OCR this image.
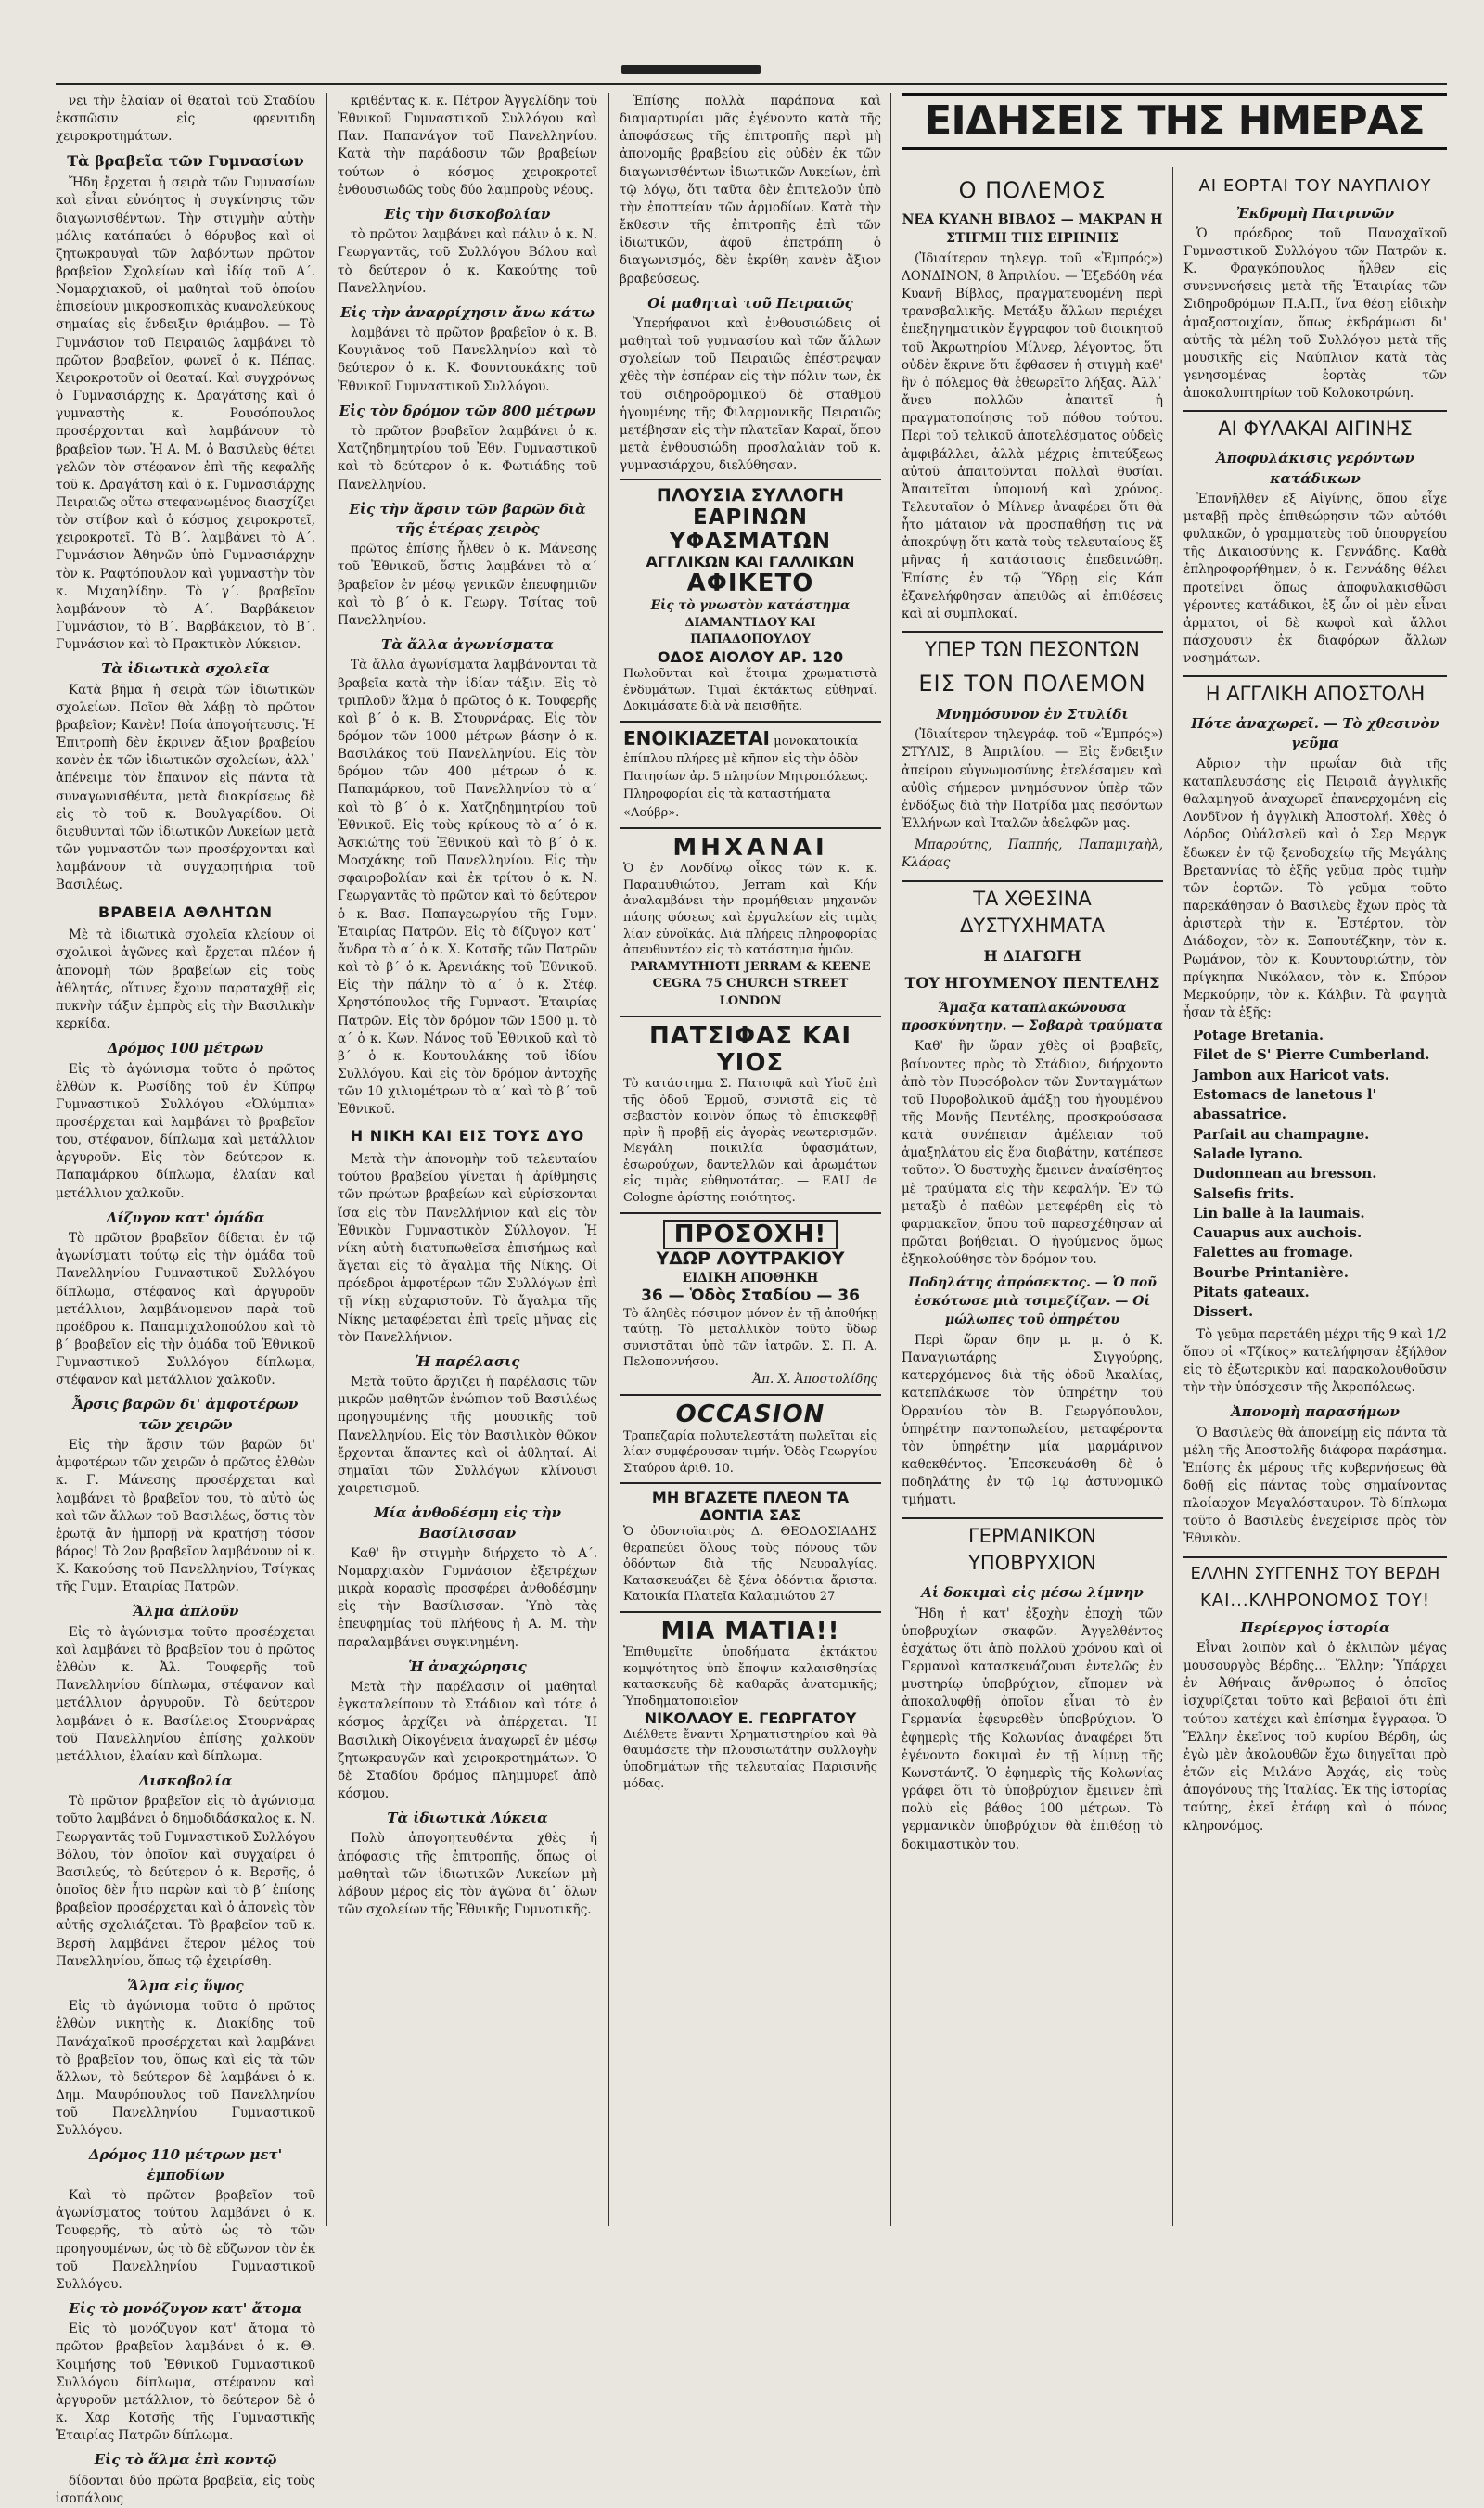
νει τὴν ἐλαίαν οἱ θεαταὶ τοῦ Σταδίου ἐκσπῶσιν εἰς φρενιτιδη χειροκροτημάτων.

Τὰ βραβεῖα τῶν Γυμνασίων

Ἤδη ἔρχεται ἡ σειρὰ τῶν Γυμνασίων καὶ εἶναι εὐνόητος ἡ συγκίνησις τῶν διαγωνισθέντων. Τὴν στιγμὴν αὐτὴν μόλις κατάπαύει ὁ θόρυβος καὶ οἱ ζητωκραυγαὶ τῶν λαβόντων πρῶτον βραβεῖον Σχολείων καὶ ἰδίᾳ τοῦ Α΄. Νομαρχιακοῦ, οἱ μαθηταὶ τοῦ ὁποίου ἐπισείουν μικροσκοπικὰς κυανολεύκους σημαίας εἰς ἔνδειξιν θριάμβου. — Τὸ Γυμνάσιον τοῦ Πειραιῶς λαμβάνει τὸ πρῶτον βραβεῖον, φωνεῖ ὁ κ. Πέπας. Χειροκροτοῦν οἱ θεαταί. Καὶ συγχρόνως ὁ Γυμνασιάρχης κ. Δραγάτσης καὶ ὁ γυμναστὴς κ. Ρουσόπουλος προσέρχονται καὶ λαμβάνουν τὸ βραβεῖον των. Ἡ Α. Μ. ὁ Βασιλεὺς θέτει γελῶν τὸν στέφανον ἐπὶ τῆς κεφαλῆς τοῦ κ. Δραγάτση καὶ ὁ κ. Γυμνασιάρχης Πειραιῶς οὕτω στεφανωμένος διασχίζει τὸν στίβον καὶ ὁ κόσμος χειροκροτεῖ, χειροκροτεῖ. Τὸ Β΄. λαμβάνει τὸ Α΄. Γυμνάσιον Ἀθηνῶν ὑπὸ Γυμνασιάρχην τὸν κ. Ραφτόπουλον καὶ γυμναστὴν τὸν κ. Μιχαηλίδην. Τὸ γ΄. βραβεῖον λαμβάνουν τὸ Α΄. Βαρβάκειον Γυμνάσιον, τὸ Β΄. Βαρβάκειον, τὸ Β΄. Γυμνάσιον καὶ τὸ Πρακτικὸν Λύκειον.

Τὰ ἰδιωτικὰ σχολεῖα

Κατὰ βῆμα ἡ σειρὰ τῶν ἰδιωτικῶν σχολείων. Ποῖον θὰ λάβῃ τὸ πρῶτον βραβεῖον; Κανὲν! Ποία ἀπογοήτευσις. Ἡ Ἐπιτροπὴ δὲν ἔκρινεν ἄξιον βραβείου κανὲν ἐκ τῶν ἰδιωτικῶν σχολείων, ἀλλ᾽ ἀπένειμε τὸν ἔπαινον εἰς πάντα τὰ συναγωνισθέντα, μετὰ διακρίσεως δὲ εἰς τὸ τοῦ κ. Βουλγαρίδου. Οἱ διευθυνταὶ τῶν ἰδιωτικῶν Λυκείων μετὰ τῶν γυμναστῶν των προσέρχονται καὶ λαμβάνουν τὰ συγχαρητήρια τοῦ Βασιλέως.

ΒΡΑΒΕΙΑ ΑΘΛΗΤΩΝ

Μὲ τὰ ἰδιωτικὰ σχολεῖα κλείουν οἱ σχολικοὶ ἀγῶνες καὶ ἔρχεται πλέον ἡ ἀπονομὴ τῶν βραβείων εἰς τοὺς ἀθλητάς, οἵτινες ἔχουν παραταχθῇ εἰς πυκνὴν τάξιν ἐμπρὸς εἰς τὴν Βασιλικὴν κερκίδα.

Δρόμος 100 μέτρων

Εἰς τὸ ἀγώνισμα τοῦτο ὁ πρῶτος ἐλθὼν κ. Ρωσίδης τοῦ ἐν Κύπρῳ Γυμναστικοῦ Συλλόγου «Ὀλύμπια» προσέρχεται καὶ λαμβάνει τὸ βραβεῖον του, στέφανον, δίπλωμα καὶ μετάλλιον ἀργυροῦν. Εἰς τὸν δεύτερον κ. Παπαμάρκου δίπλωμα, ἐλαίαν καὶ μετάλλιον χαλκοῦν.

Δίζυγον κατ' ὁμάδα

Τὸ πρῶτον βραβεῖον δίδεται ἐν τῷ ἀγωνίσματι τούτῳ εἰς τὴν ὁμάδα τοῦ Πανελληνίου Γυμναστικοῦ Συλλόγου δίπλωμα, στέφανος καὶ ἀργυροῦν μετάλλιον, λαμβάνομενον παρὰ τοῦ προέδρου κ. Παπαμιχαλοπούλου καὶ τὸ β΄ βραβεῖον εἰς τὴν ὁμάδα τοῦ Ἐθνικοῦ Γυμναστικοῦ Συλλόγου δίπλωμα, στέφανον καὶ μετάλλιον χαλκοῦν.

Ἆρσις βαρῶν δι' ἀμφοτέρων τῶν χειρῶν

Εἰς τὴν ἄρσιν τῶν βαρῶν δι' ἀμφοτέρων τῶν χειρῶν ὁ πρῶτος ἐλθὼν κ. Γ. Μάνεσης προσέρχεται καὶ λαμβάνει τὸ βραβεῖον του, τὸ αὐτὸ ὡς καὶ τῶν ἄλλων τοῦ Βασιλέως, ὅστις τὸν ἐρωτᾷ ἂν ἠμπορῇ νὰ κρατήσῃ τόσον βάρος! Τὸ 2ον βραβεῖον λαμβάνουν οἱ κ. Κ. Κακούσης τοῦ Πανελληνίου, Τσίγκας τῆς Γυμν. Ἑταιρίας Πατρῶν.

Ἅλμα ἁπλοῦν

Εἰς τὸ ἀγώνισμα τοῦτο προσέρχεται καὶ λαμβάνει τὸ βραβεῖον του ὁ πρῶτος ἐλθὼν κ. Ἀλ. Τουφερῆς τοῦ Πανελληνίου δίπλωμα, στέφανον καὶ μετάλλιον ἀργυροῦν. Τὸ δεύτερον λαμβάνει ὁ κ. Βασίλειος Στουρνάρας τοῦ Πανελληνίου ἐπίσης χαλκοῦν μετάλλιον, ἐλαίαν καὶ δίπλωμα.

Δισκοβολία

Τὸ πρῶτον βραβεῖον εἰς τὸ ἀγώνισμα τοῦτο λαμβάνει ὁ δημοδιδάσκαλος κ. Ν. Γεωργαντᾶς τοῦ Γυμναστικοῦ Συλλόγου Βόλου, τὸν ὁποῖον καὶ συγχαίρει ὁ Βασιλεύς, τὸ δεύτερον ὁ κ. Βερσῆς, ὁ ὁποῖος δὲν ἦτο παρὼν καὶ τὸ β΄ ἐπίσης βραβεῖον προσέρχεται καὶ ὁ ἀπονεὶς τὸν αὐτῆς σχολιάζεται. Τὸ βραβεῖον τοῦ κ. Βερσῆ λαμβάνει ἕτερον μέλος τοῦ Πανελληνίου, ὅπως τῷ ἐχειρίσθη.

Ἅλμα εἰς ὕψος

Εἰς τὸ ἀγώνισμα τοῦτο ὁ πρῶτος ἐλθὼν νικητὴς κ. Διακίδης τοῦ Πανάχαϊκοῦ προσέρχεται καὶ λαμβάνει τὸ βραβεῖον του, ὅπως καὶ εἰς τὰ τῶν ἄλλων, τὸ δεύτερον δὲ λαμβάνει ὁ κ. Δημ. Μαυρόπουλος τοῦ Πανελληνίου τοῦ Πανελληνίου Γυμναστικοῦ Συλλόγου.

Δρόμος 110 μέτρων μετ' ἐμποδίων

Καὶ τὸ πρῶτον βραβεῖον τοῦ ἀγωνίσματος τούτου λαμβάνει ὁ κ. Τουφερῆς, τὸ αὐτὸ ὡς τὸ τῶν προηγουμένων, ὡς τὸ δὲ εὔζωνον τὸν ἐκ τοῦ Πανελληνίου Γυμναστικοῦ Συλλόγου.

Εἰς τὸ μονόζυγον κατ' ἄτομα

Εἰς τὸ μονόζυγον κατ' ἄτομα τὸ πρῶτον βραβεῖον λαμβάνει ὁ κ. Θ. Κοιμήσης τοῦ Ἐθνικοῦ Γυμναστικοῦ Συλλόγου δίπλωμα, στέφανον καὶ ἀργυροῦν μετάλλιον, τὸ δεύτερον δὲ ὁ κ. Χαρ Κοτσῆς τῆς Γυμναστικῆς Ἑταιρίας Πατρῶν δίπλωμα.

Εἰς τὸ ἅλμα ἐπὶ κοντῷ

δίδονται δύο πρῶτα βραβεῖα, εἰς τοὺς ἰσοπάλους

κριθέντας κ. κ. Πέτρον Ἀγγελίδην τοῦ Ἐθνικοῦ Γυμναστικοῦ Συλλόγου καὶ Παν. Παπανάγον τοῦ Πανελληνίου. Κατὰ τὴν παράδοσιν τῶν βραβείων τούτων ὁ κόσμος χειροκροτεῖ ἐνθουσιωδῶς τοὺς δύο λαμπροὺς νέους.

Εἰς τὴν δισκοβολίαν

τὸ πρῶτον λαμβάνει καὶ πάλιν ὁ κ. Ν. Γεωργαντᾶς, τοῦ Συλλόγου Βόλου καὶ τὸ δεύτερον ὁ κ. Κακούτης τοῦ Πανελληνίου.

Εἰς τὴν ἀναρρίχησιν ἄνω κάτω

λαμβάνει τὸ πρῶτον βραβεῖον ὁ κ. Β. Κουγιᾶνος τοῦ Πανελληνίου καὶ τὸ δεύτερον ὁ κ. Κ. Φουντουκάκης τοῦ Ἐθνικοῦ Γυμναστικοῦ Συλλόγου.

Εἰς τὸν δρόμον τῶν 800 μέτρων

τὸ πρῶτον βραβεῖον λαμβάνει ὁ κ. Χατζηδημητρίου τοῦ Ἐθν. Γυμναστικοῦ καὶ τὸ δεύτερον ὁ κ. Φωτιάδης τοῦ Πανελληνίου.

Εἰς τὴν ἄρσιν τῶν βαρῶν διὰ τῆς ἑτέρας χειρὸς

πρῶτος ἐπίσης ἦλθεν ὁ κ. Μάνεσης τοῦ Ἐθνικοῦ, ὅστις λαμβάνει τὸ α΄ βραβεῖον ἐν μέσῳ γενικῶν ἐπευφημιῶν καὶ τὸ β΄ ὁ κ. Γεωργ. Τσίτας τοῦ Πανελληνίου.

Τὰ ἄλλα ἀγωνίσματα

Τὰ ἄλλα ἀγωνίσματα λαμβάνονται τὰ βραβεῖα κατὰ τὴν ἰδίαν τάξιν. Εἰς τὸ τριπλοῦν ἅλμα ὁ πρῶτος ὁ κ. Τουφερῆς καὶ β΄ ὁ κ. Β. Στουρνάρας. Εἰς τὸν δρόμον τῶν 1000 μέτρων βάσην ὁ κ. Βασιλάκος τοῦ Πανελληνίου. Εἰς τὸν δρόμον τῶν 400 μέτρων ὁ κ. Παπαμάρκου, τοῦ Πανελληνίου τὸ α΄ καὶ τὸ β΄ ὁ κ. Χατζηδημητρίου τοῦ Ἐθνικοῦ. Εἰς τοὺς κρίκους τὸ α΄ ὁ κ. Ἀσκιώτης τοῦ Ἐθνικοῦ καὶ τὸ β΄ ὁ κ. Μοσχάκης τοῦ Πανελληνίου. Εἰς τὴν σφαιροβολίαν καὶ ἐκ τρίτου ὁ κ. Ν. Γεωργαντᾶς τὸ πρῶτον καὶ τὸ δεύτερον ὁ κ. Βασ. Παπαγεωργίου τῆς Γυμν. Ἑταιρίας Πατρῶν. Εἰς τὸ δίζυγον κατ᾽ ἄνδρα τὸ α΄ ὁ κ. Χ. Κοτσῆς τῶν Πατρῶν καὶ τὸ β΄ ὁ κ. Ἀρενιάκης τοῦ Ἐθνικοῦ. Εἰς τὴν πάλην τὸ α΄ ὁ κ. Στέφ. Χρηστόπουλος τῆς Γυμναστ. Ἑταιρίας Πατρῶν. Εἰς τὸν δρόμον τῶν 1500 μ. τὸ α΄ ὁ κ. Κων. Νάνος τοῦ Ἐθνικοῦ καὶ τὸ β΄ ὁ κ. Κουτουλάκης τοῦ ἰδίου Συλλόγου. Καὶ εἰς τὸν δρόμον ἀντοχῆς τῶν 10 χιλιομέτρων τὸ α΄ καὶ τὸ β΄ τοῦ Ἐθνικοῦ.

Η ΝΙΚΗ ΚΑΙ ΕΙΣ ΤΟΥΣ ΔΥΟ

Μετὰ τὴν ἀπονομὴν τοῦ τελευταίου τούτου βραβείου γίνεται ἡ ἀρίθμησις τῶν πρώτων βραβείων καὶ εὑρίσκονται ἴσα εἰς τὸν Πανελλήνιον καὶ εἰς τὸν Ἐθνικὸν Γυμναστικὸν Σύλλογον. Ἡ νίκη αὐτὴ διατυπωθεῖσα ἐπισήμως καὶ ἄγεται εἰς τὸ ἄγαλμα τῆς Νίκης. Οἱ πρόεδροι ἀμφοτέρων τῶν Συλλόγων ἐπὶ τῇ νίκῃ εὐχαριστοῦν. Τὸ ἄγαλμα τῆς Νίκης μεταφέρεται ἐπὶ τρεῖς μῆνας εἰς τὸν Πανελλήνιον.

Ἡ παρέλασις

Μετὰ τοῦτο ἄρχιζει ἡ παρέλασις τῶν μικρῶν μαθητῶν ἐνώπιον τοῦ Βασιλέως προηγουμένης τῆς μουσικῆς τοῦ Πανελληνίου. Εἰς τὸν Βασιλικὸν θῶκον ἔρχονται ἅπαντες καὶ οἱ ἀθληταί. Αἱ σημαῖαι τῶν Συλλόγων κλίνουσι χαιρετισμοῦ.

Μία ἀνθοδέσμη εἰς τὴν Βασίλισσαν

Καθ' ἣν στιγμὴν διήρχετο τὸ Α΄. Νομαρχιακὸν Γυμνάσιον ἐξετρέχων μικρὰ κορασὶς προσφέρει ἀνθοδέσμην εἰς τὴν Βασίλισσαν. Ὑπὸ τὰς ἐπευφημίας τοῦ πλήθους ἡ Α. Μ. τὴν παραλαμβάνει συγκινημένη.

Ἡ ἀναχώρησις

Μετὰ τὴν παρέλασιν οἱ μαθηταὶ ἐγκαταλείπουν τὸ Στάδιον καὶ τότε ὁ κόσμος ἀρχίζει νὰ ἀπέρχεται. Ἡ Βασιλικὴ Οἰκογένεια ἀναχωρεῖ ἐν μέσῳ ζητωκραυγῶν καὶ χειροκροτημάτων. Ὁ δὲ Σταδίου δρόμος πλημμυρεῖ ἀπὸ κόσμου.

Τὰ ἰδιωτικὰ Λύκεια

Πολὺ ἀπογοητευθέντα χθὲς ἡ ἀπόφασις τῆς ἐπιτροπῆς, ὅπως οἱ μαθηταὶ τῶν ἰδιωτικῶν Λυκείων μὴ λάβουν μέρος εἰς τὸν ἀγῶνα δι᾽ ὅλων τῶν σχολείων τῆς Ἐθνικῆς Γυμνοτικῆς.

Ἐπίσης πολλὰ παράπονα καὶ διαμαρτυρίαι μᾶς ἐγένοντο κατὰ τῆς ἀποφάσεως τῆς ἐπιτροπῆς περὶ μὴ ἀπονομῆς βραβείου εἰς οὐδὲν ἐκ τῶν διαγωνισθέντων ἰδιωτικῶν Λυκείων, ἐπὶ τῷ λόγῳ, ὅτι ταῦτα δὲν ἐπιτελοῦν ὑπὸ τὴν ἐποπτείαν τῶν ἁρμοδίων. Κατὰ τὴν ἔκθεσιν τῆς ἐπιτροπῆς ἐπὶ τῶν ἰδιωτικῶν, ἀφοῦ ἐπετράπη ὁ διαγωνισμός, δὲν ἐκρίθη κανὲν ἄξιον βραβεύσεως.

Οἱ μαθηταὶ τοῦ Πειραιῶς

Ὑπερήφανοι καὶ ἐνθουσιώδεις οἱ μαθηταὶ τοῦ γυμνασίου καὶ τῶν ἄλλων σχολείων τοῦ Πειραιῶς ἐπέστρεψαν χθὲς τὴν ἑσπέραν εἰς τὴν πόλιν των, ἐκ τοῦ σιδηροδρομικοῦ δὲ σταθμοῦ ἡγουμένης τῆς Φιλαρμονικῆς Πειραιῶς μετέβησαν εἰς τὴν πλατεῖαν Καραϊ, ὅπου μετὰ ἐνθουσιώδη προσλαλιὰν τοῦ κ. γυμνασιάρχου, διελύθησαν.

ΠΛΟΥΣΙΑ ΣΥΛΛΟΓΗ
ΕΑΡΙΝΩΝ ΥΦΑΣΜΑΤΩΝ
ΑΓΓΛΙΚΩΝ ΚΑΙ ΓΑΛΛΙΚΩΝ
ΑΦΙΚΕΤΟ
Εἰς τὸ γνωστὸν κατάστημα
ΔΙΑΜΑΝΤΙΔΟΥ ΚΑΙ ΠΑΠΑΔΟΠΟΥΛΟΥ
ΟΔΟΣ ΑΙΟΛΟΥ ΑΡ. 120
Πωλοῦνται καὶ ἕτοιμα χρωματιστὰ ἐνδυμάτων. Τιμαὶ ἐκτάκτως εὐθηναί. Δοκιμάσατε διὰ νὰ πεισθῆτε.
ΕΝΟΙΚΙΑΖΕΤΑΙ μονοκατοικία ἐπίπλου πλήρες μὲ κῆπον εἰς τὴν ὁδὸν Πατησίων ἀρ. 5 πλησίον Μητροπόλεως. Πληροφορίαι εἰς τὰ καταστήματα «Λούβρ».
ΜΗΧΑΝΑΙ
Ὁ ἐν Λονδίνῳ οἶκος τῶν κ. κ. Παραμυθιώτου, Jerram καὶ Κήν ἀναλαμβάνει τὴν προμήθειαν μηχανῶν πάσης φύσεως καὶ ἐργαλείων εἰς τιμὰς λίαν εὐνοϊκάς. Διὰ πλήρεις πληροφορίας ἀπευθυντέον εἰς τὸ κατάστημα ἡμῶν.
PARAMYTHIOTI JERRAM & KEENE
CEGRA 75 CHURCH STREET LONDON
ΠΑΤΣΙΦΑΣ ΚΑΙ ΥΙΟΣ
Τὸ κατάστημα Σ. Πατσιφᾶ καὶ Υἱοῦ ἐπὶ τῆς ὁδοῦ Ἑρμοῦ, συνιστᾶ εἰς τὸ σεβαστὸν κοινὸν ὅπως τὸ ἐπισκεφθῇ πρὶν ἢ προβῇ εἰς ἀγορὰς νεωτερισμῶν. Μεγάλη ποικιλία ὑφασμάτων, ἐσωρούχων, δαντελλῶν καὶ ἀρωμάτων εἰς τιμὰς εὐθηνοτάτας. — EAU de Cologne ἀρίστης ποιότητος.
ΠΡΟΣΟΧΗ!
ΥΔΩΡ ΛΟΥΤΡΑΚΙΟΥ
ΕΙΔΙΚΗ ΑΠΟΘΗΚΗ
36 — Ὁδὸς Σταδίου — 36
Τὸ ἄληθὲς πόσιμον μόνον ἐν τῇ ἀποθήκῃ ταύτῃ. Τὸ μεταλλικὸν τοῦτο ὕδωρ συνιστᾶται ὑπὸ τῶν ἰατρῶν. Σ. Π. Α. Πελοποννήσου.
Ἀπ. Χ. Ἀποστολίδης
OCCASION
Τραπεζαρία πολυτελεστάτη πωλεῖται εἰς λίαν συμφέρουσαν τιμήν. Ὁδὸς Γεωργίου Σταύρου ἀριθ. 10.
ΜΗ ΒΓΑΖΕΤΕ ΠΛΕΟΝ ΤΑ ΔΟΝΤΙΑ ΣΑΣ
Ὁ ὀδοντοϊατρὸς Δ. ΘΕΟΔΟΣΙΑΔΗΣ θεραπεύει ὅλους τοὺς πόνους τῶν ὀδόντων διὰ τῆς Νευραλγίας. Κατασκευάζει δὲ ξένα ὀδόντια ἄριστα. Κατοικία Πλατεῖα Καλαμιώτου 27
ΜΙΑ ΜΑΤΙΑ!!
Ἐπιθυμεῖτε ὑποδήματα ἐκτάκτου κομψότητος ὑπὸ ἔποψιν καλαισθησίας κατασκευῆς δὲ καθαρᾶς ἀνατομικῆς; Ὑποδηματοποιεῖον
ΝΙΚΟΛΑΟΥ Ε. ΓΕΩΡΓΑΤΟΥ
Διέλθετε ἔναντι Χρηματιστηρίου καὶ θὰ θαυμάσετε τὴν πλουσιωτάτην συλλογὴν ὑποδημάτων τῆς τελευταίας Παρισινῆς μόδας.
ΕΙΔΗΣΕΙΣ ΤΗΣ ΗΜΕΡΑΣ
Ο ΠΟΛΕΜΟΣ
ΝΕΑ ΚΥΑΝΗ ΒΙΒΛΟΣ — ΜΑΚΡΑΝ Η ΣΤΙΓΜΗ ΤΗΣ ΕΙΡΗΝΗΣ

(Ἰδιαίτερον τηλεγρ. τοῦ «Ἐμπρός») ΛΟΝΔΙΝΟΝ, 8 Ἀπριλίου. — Ἐξεδόθη νέα Κυανῆ Βίβλος, πραγματευομένη περὶ τρανσβαλικῆς. Μετάξυ ἄλλων περιέχει ἐπεξηγηματικὸν ἔγγραφον τοῦ διοικητοῦ τοῦ Ἀκρωτηρίου Μίλνερ, λέγοντος, ὅτι οὐδὲν ἔκρινε ὅτι ἔφθασεν ἡ στιγμὴ καθ' ἣν ὁ πόλεμος θὰ ἐθεωρεῖτο λήξας. Ἀλλ᾽ ἄνευ πολλῶν ἀπαιτεῖ ἡ πραγματοποίησις τοῦ πόθου τούτου. Περὶ τοῦ τελικοῦ ἀποτελέσματος οὐδεὶς ἀμφιβάλλει, ἀλλὰ μέχρις ἐπιτεύξεως αὐτοῦ ἀπαιτοῦνται πολλαὶ θυσίαι. Ἀπαιτεῖται ὑπομονή καὶ χρόνος. Τελευταῖον ὁ Μίλνερ ἀναφέρει ὅτι θὰ ἦτο μάταιον νὰ προσπαθήσῃ τις νὰ ἀποκρύψῃ ὅτι κατὰ τοὺς τελευταίους ἕξ μῆνας ἡ κατάστασις ἐπεδεινώθη. Ἐπίσης ἐν τῷ Ὕδρῃ εἰς Κάπ ἐξανελήφθησαν ἀπειθῶς αἱ ἐπιθέσεις καὶ αἱ συμπλοκαί.

ΥΠΕΡ ΤΩΝ ΠΕΣΟΝΤΩΝ
ΕΙΣ ΤΟΝ ΠΟΛΕΜΟΝ
Μνημόσυνον ἐν Στυλίδι

(Ἰδιαίτερον τηλεγράφ. τοῦ «Ἐμπρός») ΣΤΥΛΙΣ, 8 Ἀπριλίου. — Εἰς ἔνδειξιν ἀπείρου εὐγνωμοσύνης ἐτελέσαμεν καὶ αὐθὶς σήμερον μνημόσυνον ὑπὲρ τῶν ἐνδόξως διὰ τὴν Πατρίδα μας πεσόντων Ἑλλήνων καὶ Ἰταλῶν ἀδελφῶν μας.

Μπαρούτης, Παππής, Παπαμιχαὴλ, Κλάρας

ΤΑ ΧΘΕΣΙΝΑ ΔΥΣΤΥΧΗΜΑΤΑ
Η ΔΙΑΓΩΓΗ
ΤΟΥ ΗΓΟΥΜΕΝΟΥ ΠΕΝΤΕΛΗΣ
Ἅμαξα καταπλακώνουσα προσκύνητην. — Σοβαρὰ τραύματα

Καθ' ἣν ὥραν χθὲς οἱ βραβεῖς, βαίνοντες πρὸς τὸ Στάδιον, διήρχοντο ἀπὸ τὸν Πυρσόβολον τῶν Συνταγμάτων τοῦ Πυροβολικοῦ ἀμάξῃ του ἡγουμένου τῆς Μονῆς Πεντέλης, προσκρούσασα κατὰ συνέπειαν ἀμέλειαν τοῦ ἁμαξηλάτου εἰς ἕνα διαβάτην, κατέπεσε τοῦτον. Ὁ δυστυχὴς ἔμεινεν ἀναίσθητος μὲ τραύματα εἰς τὴν κεφαλήν. Ἐν τῷ μεταξὺ ὁ παθὼν μετεφέρθη εἰς τὸ φαρμακεῖον, ὅπου τοῦ παρεσχέθησαν αἱ πρῶται βοήθειαι. Ὁ ἡγούμενος ὅμως ἐξηκολούθησε τὸν δρόμον του.

Ποδηλάτης ἀπρόσεκτος. — Ὁ ποῦ ἐσκότωσε μιὰ τσιμεζίζαν. — Οἱ μώλωπες τοῦ ὁπηρέτου

Περὶ ὥραν 6ην μ. μ. ὁ Κ. Παναγιωτάρης Σιγγούρης, κατερχόμενος διὰ τῆς ὁδοῦ Ἀκαλίας, κατεπλάκωσε τὸν ὑπηρέτην τοῦ Ὀρρανίου τὸν Β. Γεωργόπουλον, ὑπηρέτην παντοπωλείου, μεταφέροντα τὸν ὑπηρέτην μία μαρμάρινον καθεκθέντος. Ἐπεσκευάσθη δὲ ὁ ποδηλάτης ἐν τῷ 1ῳ ἀστυνομικῷ τμήματι.

ΓΕΡΜΑΝΙΚΟΝ ΥΠΟΒΡΥΧΙΟΝ
Αἱ δοκιμαὶ εἰς μέσω λίμνην

Ἤδη ἡ κατ' ἐξοχὴν ἐποχὴ τῶν ὑποβρυχίων σκαφῶν. Ἀγγελθέντος ἐσχάτως ὅτι ἀπὸ πολλοῦ χρόνου καὶ οἱ Γερμανοὶ κατασκευάζουσι ἐντελῶς ἐν μυστηρίῳ ὑποβρύχιον, εἴπομεν νὰ ἀποκαλυφθῇ ὁποῖον εἶναι τὸ ἐν Γερμανία ἐφευρεθὲν ὑποβρύχιον. Ὁ ἐφημερὶς τῆς Κολωνίας ἀναφέρει ὅτι ἐγένοντο δοκιμαὶ ἐν τῇ λίμνῃ τῆς Κωνστάντζ. Ὁ ἐφημερὶς τῆς Κολωνίας γράφει ὅτι τὸ ὑποβρύχιον ἔμεινεν ἐπὶ πολὺ εἰς βάθος 100 μέτρων. Τὸ γερμανικὸν ὑποβρύχιον θὰ ἐπιθέσῃ τὸ δοκιμαστικὸν του.

ΑΙ ΕΟΡΤΑΙ ΤΟΥ ΝΑΥΠΛΙΟΥ
Ἐκδρομὴ Πατρινῶν

Ὁ πρόεδρος τοῦ Παναχαϊκοῦ Γυμναστικοῦ Συλλόγου τῶν Πατρῶν κ. Κ. Φραγκόπουλος ἦλθεν εἰς συνεννοήσεις μετὰ τῆς Ἑταιρίας τῶν Σιδηροδρόμων Π.Α.Π., ἵνα θέσῃ εἰδικὴν ἁμαξοστοιχίαν, ὅπως ἐκδράμωσι δι' αὐτῆς τὰ μέλη τοῦ Συλλόγου μετὰ τῆς μουσικῆς εἰς Ναύπλιον κατὰ τὰς γενησομένας ἑορτὰς τῶν ἀποκαλυπτηρίων τοῦ Κολοκοτρώνη.

ΑΙ ΦΥΛΑΚΑΙ ΑΙΓΙΝΗΣ
Ἀποφυλάκισις γερόντων κατάδικων

Ἐπανῆλθεν ἐξ Αἰγίνης, ὅπου εἶχε μεταβῇ πρὸς ἐπιθεώρησιν τῶν αὐτόθι φυλακῶν, ὁ γραμματεὺς τοῦ ὑπουργείου τῆς Δικαιοσύνης κ. Γεννάδης. Καθὰ ἐπληροφορήθημεν, ὁ κ. Γεννάδης θέλει προτείνει ὅπως ἀποφυλακισθῶσι γέροντες κατάδικοι, ἐξ ὧν οἱ μὲν εἶναι ἀρματοι, οἱ δὲ κωφοὶ καὶ ἄλλοι πάσχουσιν ἐκ διαφόρων ἄλλων νοσημάτων.

Η ΑΓΓΛΙΚΗ ΑΠΟΣΤΟΛΗ
Πότε ἀναχωρεῖ. — Τὸ χθεσινὸν γεῦμα

Αὔριον τὴν πρωΐαν διὰ τῆς καταπλευσάσης εἰς Πειραιᾶ ἀγγλικῆς θαλαμηγοῦ ἀναχωρεῖ ἐπανερχομένη εἰς Λονδῖνον ἡ ἀγγλικὴ Ἀποστολή. Χθὲς ὁ Λόρδος Οὐάλσλεϋ καὶ ὁ Σερ Μεργκ ἔδωκεν ἐν τῷ ξενοδοχείῳ τῆς Μεγάλης Βρεταννίας τὸ ἑξῆς γεῦμα πρὸς τιμὴν τῶν ἑορτῶν. Τὸ γεῦμα τοῦτο παρεκάθησαν ὁ Βασιλεὺς ἔχων πρὸς τὰ ἀριστερὰ τὴν κ. Ἐστέρτον, τὸν Διάδοχον, τὸν κ. Ξαπουτέζκην, τὸν κ. Ρωμάνον, τὸν κ. Κουντουριώτην, τὸν πρίγκηπα Νικόλαον, τὸν κ. Σπύρον Μερκούρην, τὸν κ. Κάλβιν. Τὰ φαγητὰ ἦσαν τὰ ἑξῆς:

Potage Bretania.
Filet de S' Pierre Cumberland.
Jambon aux Haricot vats.
Estomacs de lanetous l' abassatrice.
Parfait au champagne.
Salade lyrano.
Dudonnean au bresson.
Salsefis frits.
Lin balle à la laumais.
Cauapus aux auchois.
Falettes au fromage.
Bourbe Printanière.
Pitats gateaux.
Dissert.

Τὸ γεῦμα παρετάθη μέχρι τῆς 9 καὶ 1/2 ὅπου οἱ «Τζίκος» κατελήφησαν ἐξήλθον εἰς τὸ ἐξωτερικὸν καὶ παρακολουθοῦσιν τὴν τὴν ὑπόσχεσιν τῆς Ἀκροπόλεως.

Ἀπονομὴ παρασήμων

Ὁ Βασιλεὺς θὰ ἀπονείμῃ εἰς πάντα τὰ μέλη τῆς Ἀποστολῆς διάφορα παράσημα. Ἐπίσης ἐκ μέρους τῆς κυβερνήσεως θὰ δοθῇ εἰς πάντας τοὺς σημαίνοντας πλοίαρχον Μεγαλόσταυρον. Τὸ δίπλωμα τοῦτο ὁ Βασιλεὺς ἐνεχείρισε πρὸς τὸν Ἐθνικὸν.

ΕΛΛΗΝ ΣΥΓΓΕΝΗΣ ΤΟΥ ΒΕΡΔΗ
ΚΑΙ...ΚΛΗΡΟΝΟΜΟΣ ΤΟΥ!
Περίεργος ἱστορία

Εἶναι λοιπὸν καὶ ὁ ἐκλιπὼν μέγας μουσουργὸς Βέρδης... Ἕλλην; Ὑπάρχει ἐν Ἀθήναις ἄνθρωπος ὁ ὁποῖος ἰσχυρίζεται τοῦτο καὶ βεβαιοῖ ὅτι ἐπὶ τούτου κατέχει καὶ ἐπίσημα ἔγγραφα. Ὁ Ἕλλην ἐκεῖνος τοῦ κυρίου Βέρδη, ὡς ἐγὼ μὲν ἀκολουθῶν ἔχω διηγεῖται πρὸ ἐτῶν εἰς Μιλάνο Ἀρχάς, εἰς τοὺς ἀπογόνους τῆς Ἰταλίας. Ἐκ τῆς ἱστορίας ταύτης, ἐκεῖ ἐτάφη καὶ ὁ πόνος κληρονόμος.
